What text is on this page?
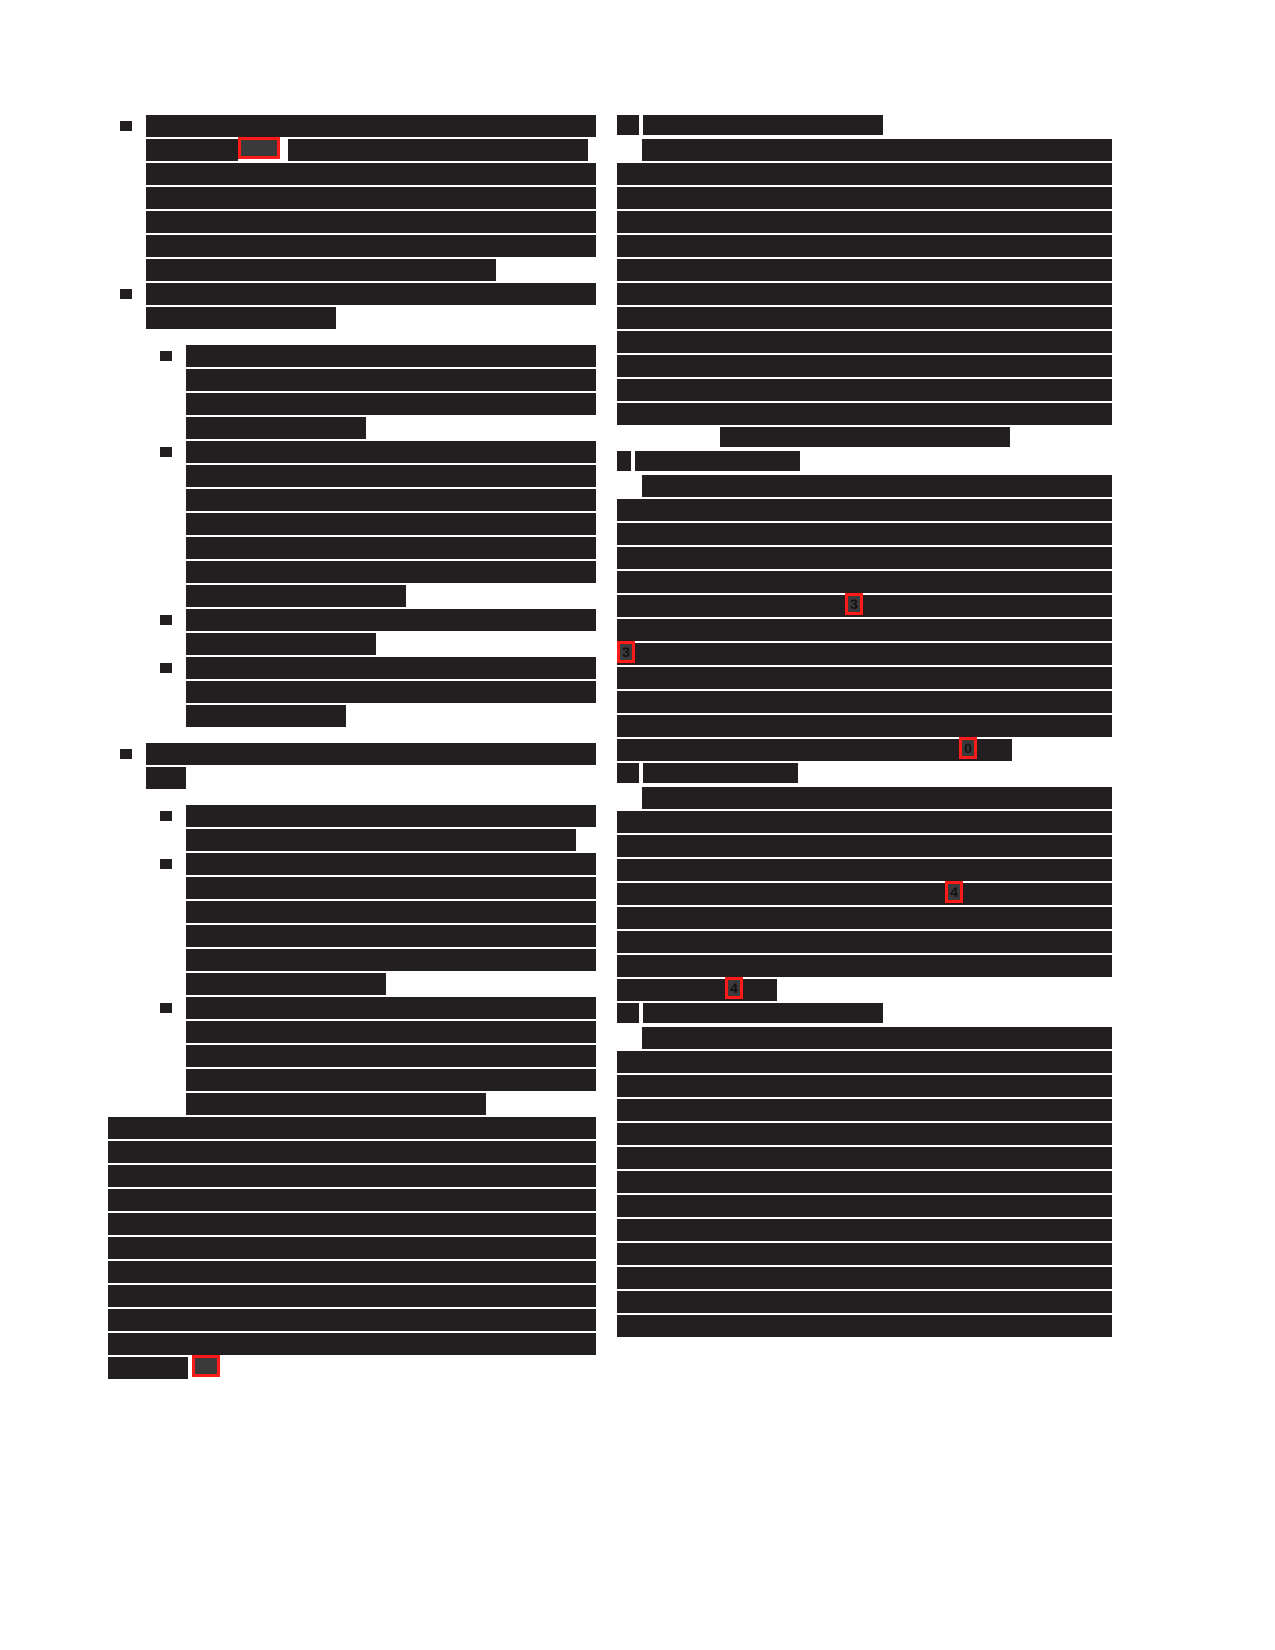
3
3
0
4
4
